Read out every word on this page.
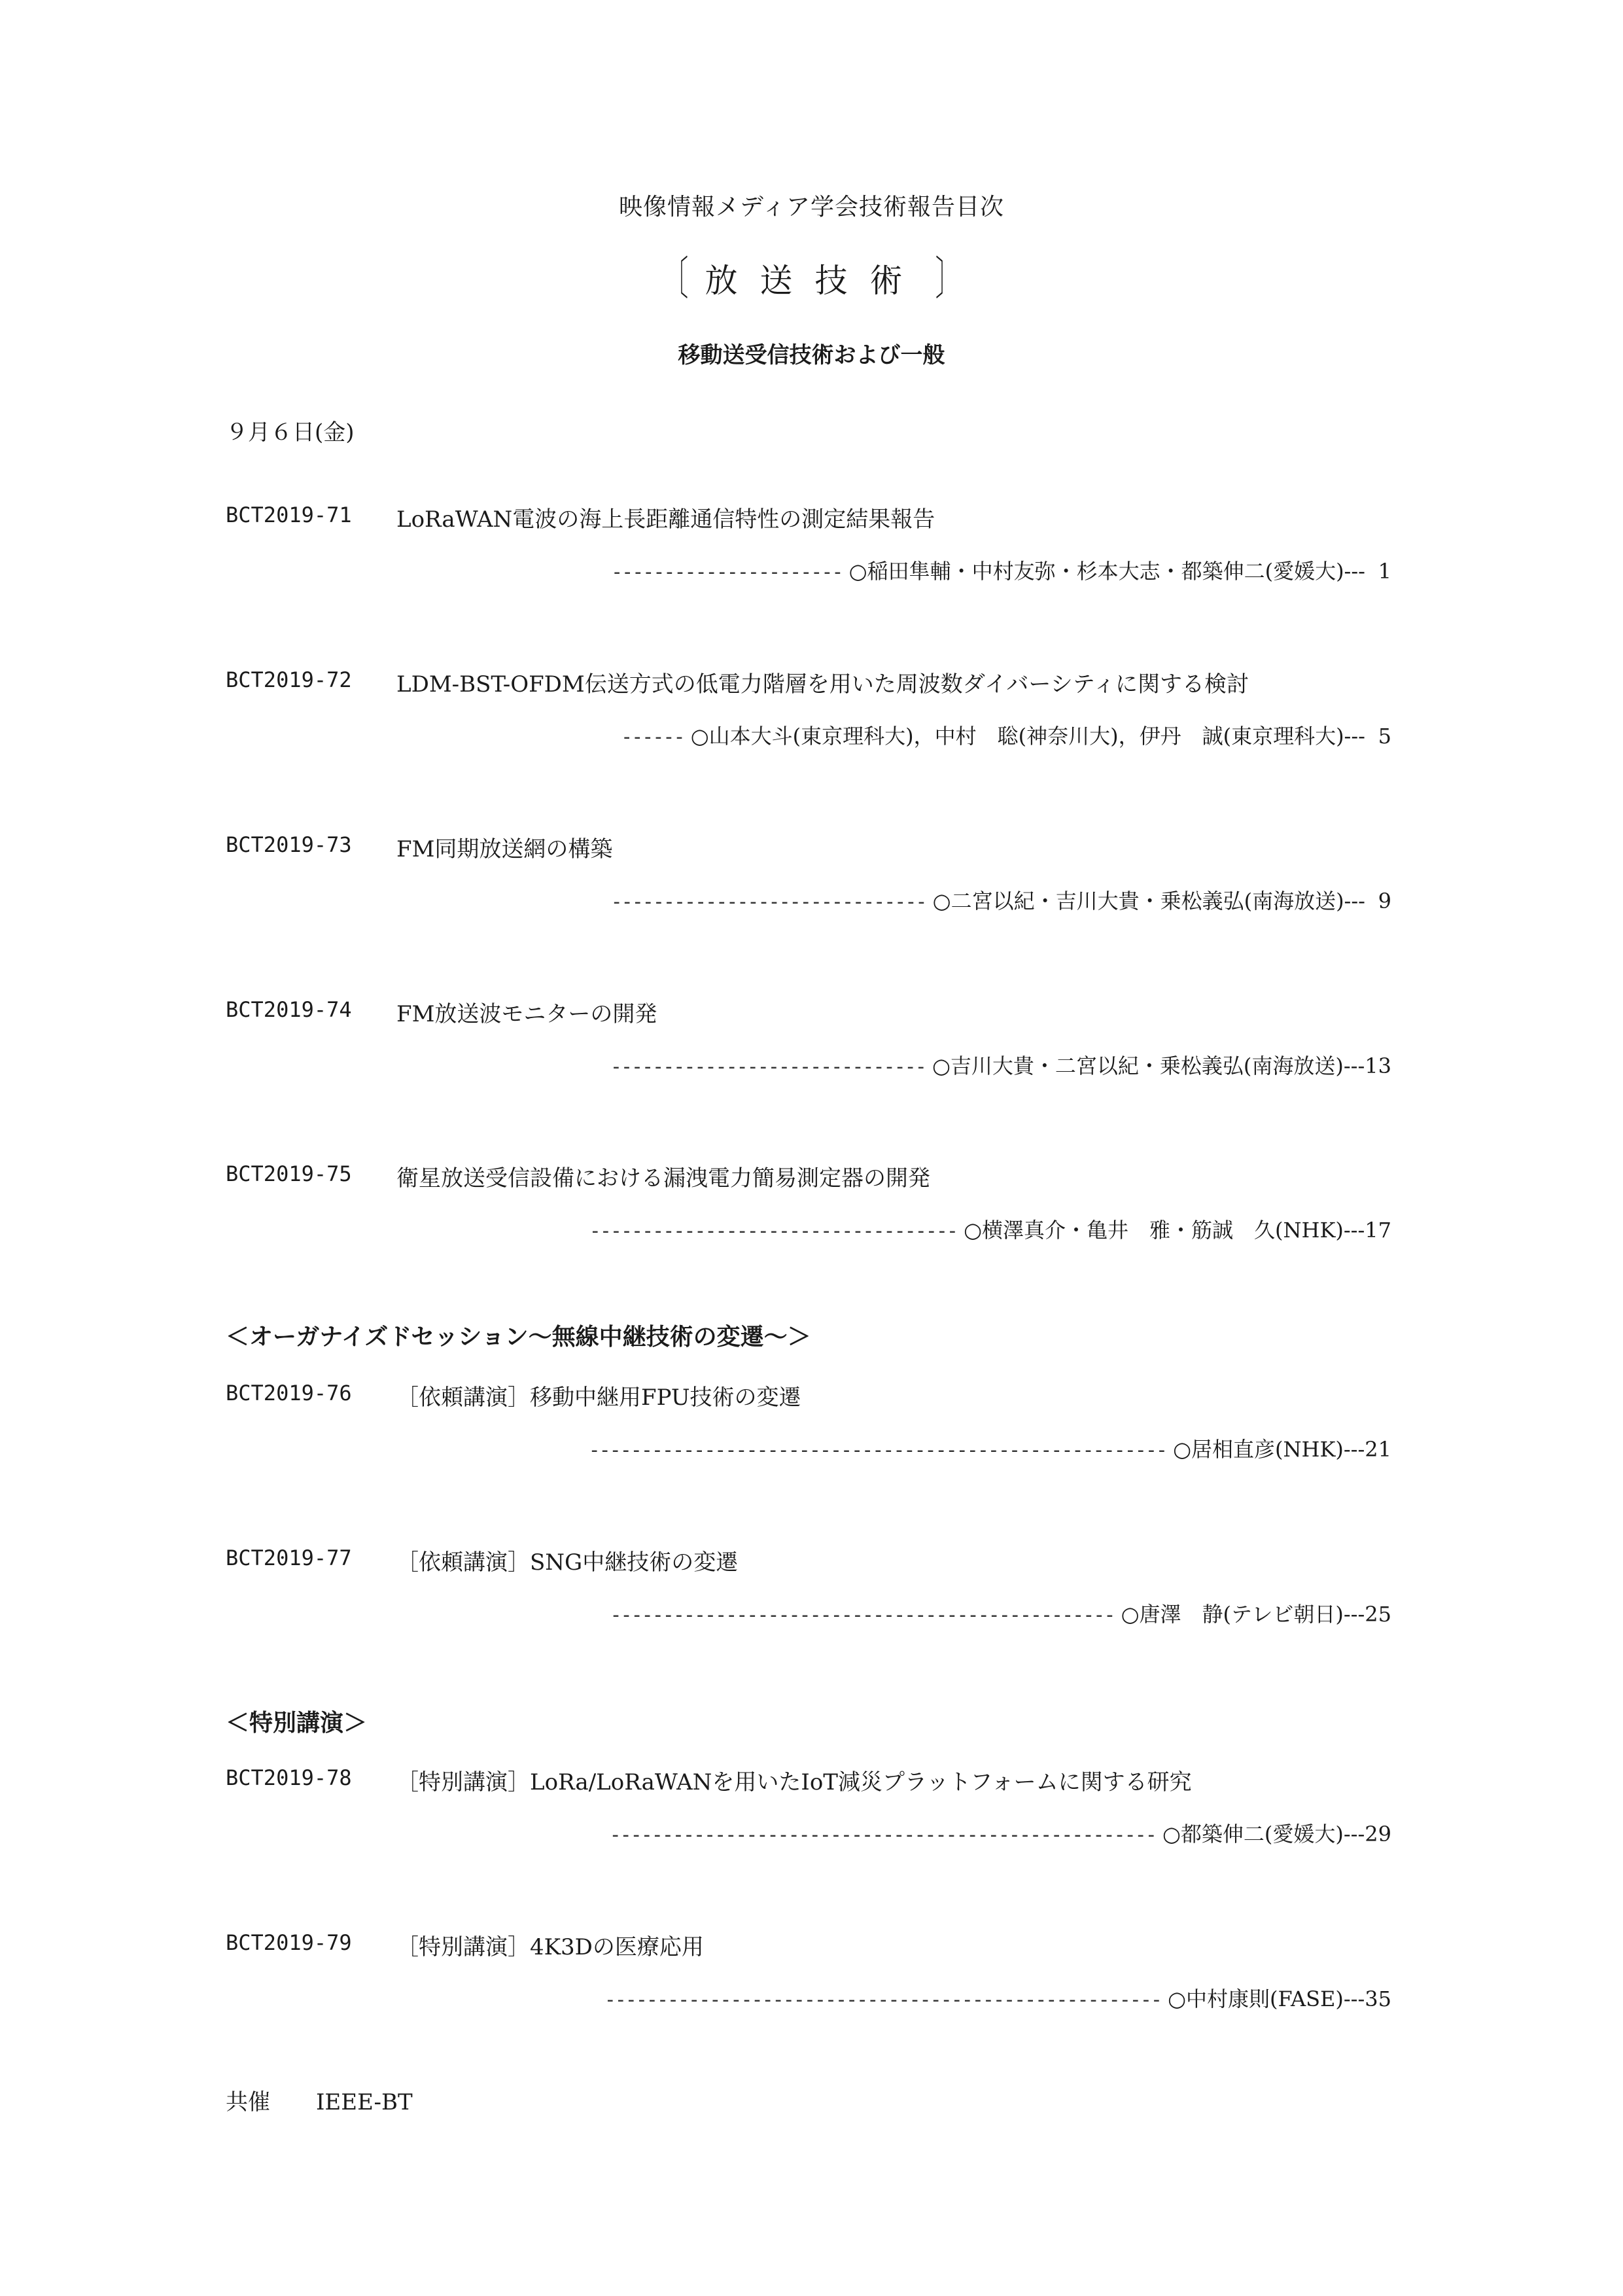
映像情報メディア学会技術報告目次
〔 放送技術 〕
移動送受信技術および一般
９月６日(金)
BCT2019-71 LoRaWAN電波の海上長距離通信特性の測定結果報告
---------------------- ○稲田隼輔・中村友弥・杉本大志・都築伸二(愛媛大)--- 1
BCT2019-72 LDM-BST-OFDM伝送方式の低電力階層を用いた周波数ダイバーシティに関する検討
------ ○山本大斗(東京理科大)，中村　聡(神奈川大)，伊丹　誠(東京理科大)--- 5
BCT2019-73 FM同期放送網の構築
------------------------------ ○二宮以紀・吉川大貴・乗松義弘(南海放送)--- 9
BCT2019-74 FM放送波モニターの開発
------------------------------ ○吉川大貴・二宮以紀・乗松義弘(南海放送)---13
BCT2019-75 衛星放送受信設備における漏洩電力簡易測定器の開発
----------------------------------- ○横澤真介・亀井　雅・筋誠　久(NHK)---17
＜オーガナイズドセッション～無線中継技術の変遷～＞
BCT2019-76 ［依頼講演］移動中継用FPU技術の変遷
------------------------------------------------------- ○居相直彦(NHK)---21
BCT2019-77 ［依頼講演］SNG中継技術の変遷
------------------------------------------------ ○唐澤　静(テレビ朝日)---25
＜特別講演＞
BCT2019-78 ［特別講演］LoRa/LoRaWANを用いたIoT減災プラットフォームに関する研究
---------------------------------------------------- ○都築伸二(愛媛大)---29
BCT2019-79 ［特別講演］4K3Dの医療応用
----------------------------------------------------- ○中村康則(FASE)---35
共催 IEEE-BT
